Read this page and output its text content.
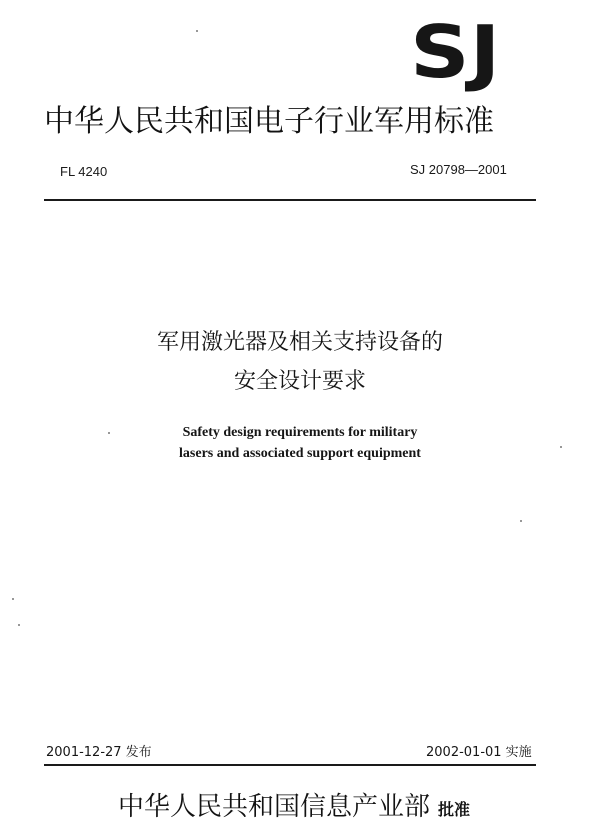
SJ
中华人民共和国电子行业军用标准
FL 4240	SJ 20798—2001
军用激光器及相关支持设备的
安全设计要求
Safety design requirements for military
lasers and associated support equipment
2001-12-27 发布	2002-01-01 实施
中华人民共和国信息产业部 批准
